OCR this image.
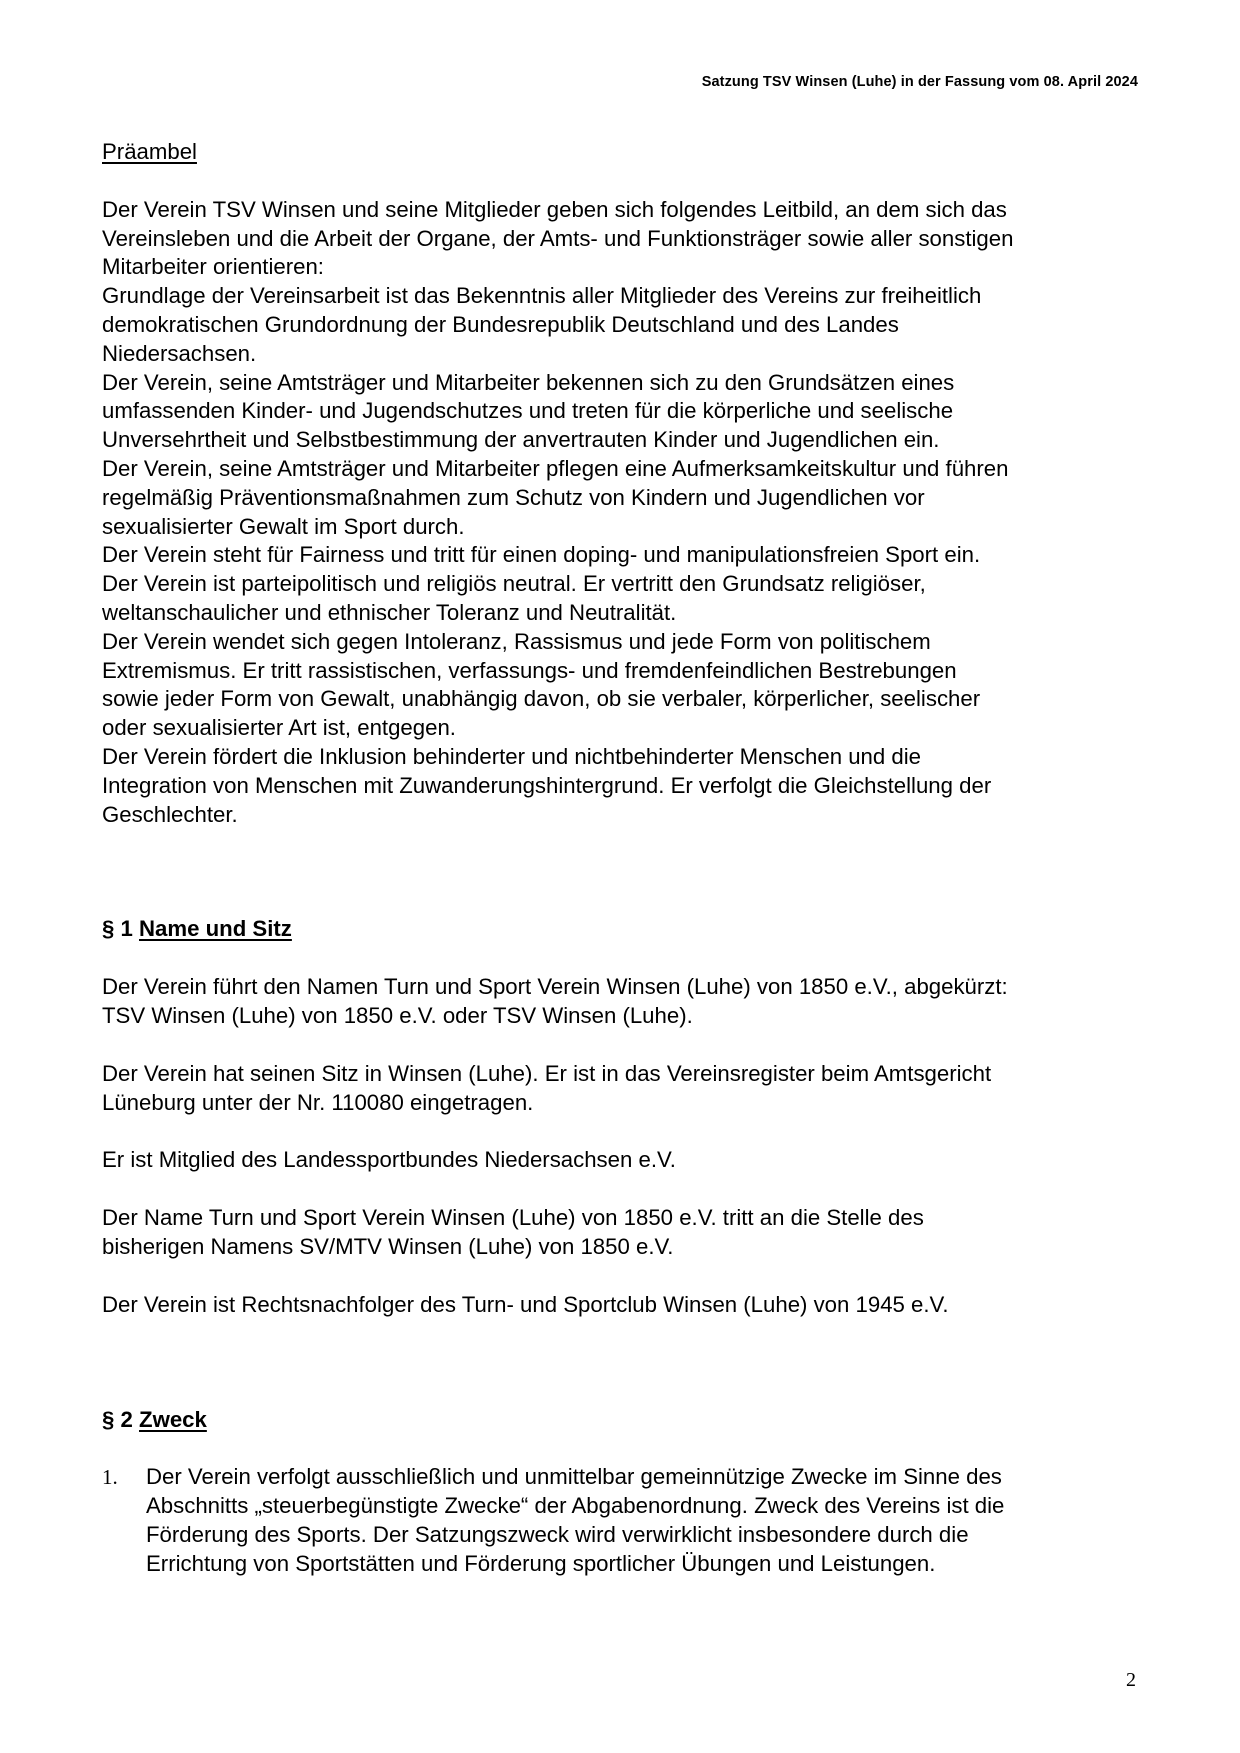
Satzung TSV Winsen (Luhe) in der Fassung vom 08. April 2024

Präambel

Der Verein TSV Winsen und seine Mitglieder geben sich folgendes Leitbild, an dem sich das

Vereinsleben und die Arbeit der Organe, der Amts- und Funktionsträger sowie aller sonstigen

Mitarbeiter orientieren:

Grundlage der Vereinsarbeit ist das Bekenntnis aller Mitglieder des Vereins zur freiheitlich

demokratischen Grundordnung der Bundesrepublik Deutschland und des Landes

Niedersachsen.

Der Verein, seine Amtsträger und Mitarbeiter bekennen sich zu den Grundsätzen eines

umfassenden Kinder- und Jugendschutzes und treten für die körperliche und seelische

Unversehrtheit und Selbstbestimmung der anvertrauten Kinder und Jugendlichen ein.

Der Verein, seine Amtsträger und Mitarbeiter pflegen eine Aufmerksamkeitskultur und führen

regelmäßig Präventionsmaßnahmen zum Schutz von Kindern und Jugendlichen vor

sexualisierter Gewalt im Sport durch.

Der Verein steht für Fairness und tritt für einen doping- und manipulationsfreien Sport ein.

Der Verein ist parteipolitisch und religiös neutral. Er vertritt den Grundsatz religiöser,

weltanschaulicher und ethnischer Toleranz und Neutralität.

Der Verein wendet sich gegen Intoleranz, Rassismus und jede Form von politischem

Extremismus. Er tritt rassistischen, verfassungs- und fremdenfeindlichen Bestrebungen

sowie jeder Form von Gewalt, unabhängig davon, ob sie verbaler, körperlicher, seelischer

oder sexualisierter Art ist, entgegen.

Der Verein fördert die Inklusion behinderter und nichtbehinderter Menschen und die

Integration von Menschen mit Zuwanderungshintergrund. Er verfolgt die Gleichstellung der

Geschlechter.

§ 1 Name und Sitz

Der Verein führt den Namen Turn und Sport Verein Winsen (Luhe) von 1850 e.V., abgekürzt:

TSV Winsen (Luhe) von 1850 e.V. oder TSV Winsen (Luhe).

Der Verein hat seinen Sitz in Winsen (Luhe). Er ist in das Vereinsregister beim Amtsgericht

Lüneburg unter der Nr. 110080 eingetragen.

Er ist Mitglied des Landessportbundes Niedersachsen e.V.

Der Name Turn und Sport Verein Winsen (Luhe) von 1850 e.V. tritt an die Stelle des

bisherigen Namens SV/MTV Winsen (Luhe) von 1850 e.V.

Der Verein ist Rechtsnachfolger des Turn- und Sportclub Winsen (Luhe) von 1945 e.V.

§ 2 Zweck

1.	Der Verein verfolgt ausschließlich und unmittelbar gemeinnützige Zwecke im Sinne des

Abschnitts „steuerbegünstigte Zwecke“ der Abgabenordnung. Zweck des Vereins ist die

Förderung des Sports. Der Satzungszweck wird verwirklicht insbesondere durch die

Errichtung von Sportstätten und Förderung sportlicher Übungen und Leistungen.

2
